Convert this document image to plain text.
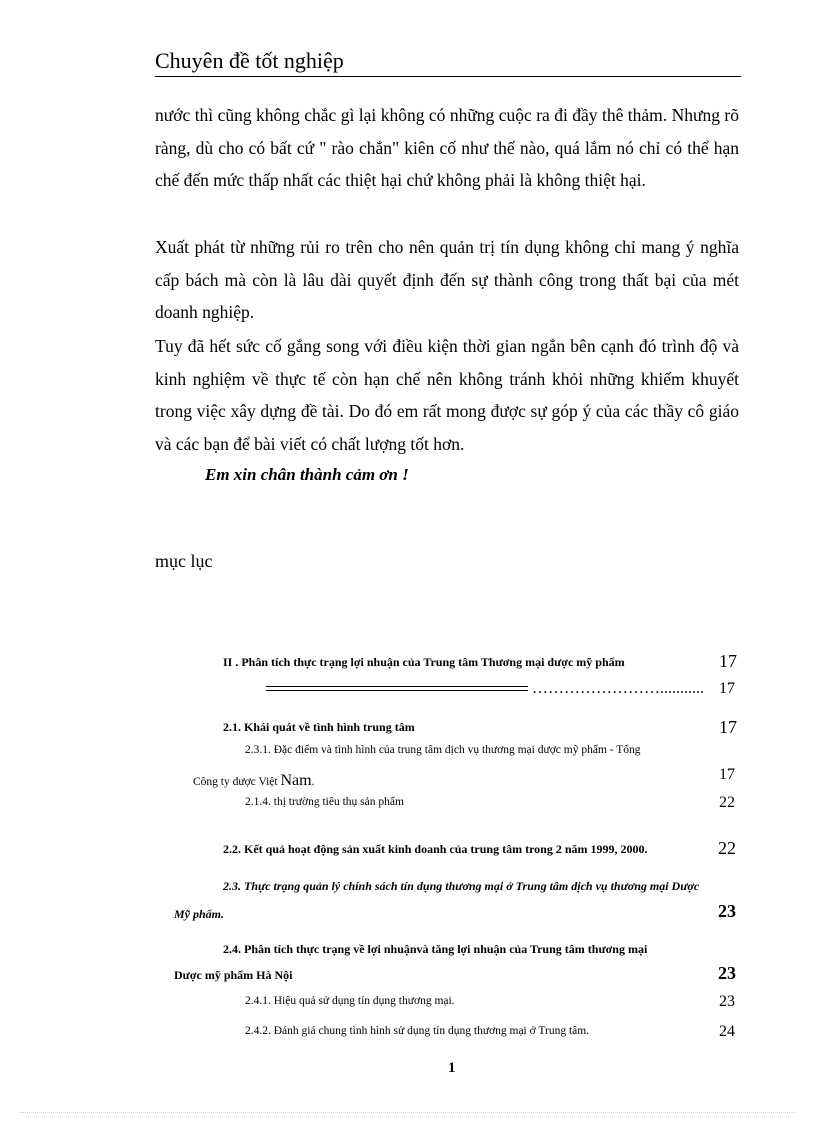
Chuyên đề tốt nghiệp
nước thì cũng không chắc gì lại không có những cuộc ra đi đầy thê thảm. Nhưng rõ ràng, dù cho có bất cứ " rào chắn" kiên cố như thế nào, quá lắm nó chỉ có thể hạn chế đến mức thấp nhất các thiệt hại chứ không phải là không thiệt hại.
Xuất phát từ những rủi ro trên cho nên quản trị tín dụng không chỉ mang ý nghĩa cấp bách mà còn là lâu dài quyết định đến sự thành công trong thất bại của mét doanh nghiệp.
Tuy đã hết sức cố gắng song với điều kiện thời gian ngắn bên cạnh đó trình độ và kinh nghiệm về thực tế còn hạn chế nên không tránh khỏi những khiếm khuyết trong việc xây dựng đề tài. Do đó em rất mong được sự góp ý của các thầy cô giáo và các bạn để bài viết có chất lượng tốt hơn.
Em xin chân thành cảm ơn !
mục lục
II . Phân tích thực trạng lợi nhuận của Trung tâm Thương mại dược mỹ phẩm	17
……………………........... 17
2.1. Khái quát về tình hình trung tâm	17
2.3.1. Đặc điểm và tình hình của trung tâm dịch vụ thương mại dược mỹ phẩm - Tổng
Công ty dược Việt Nam.	17
2.1.4. thị trường tiêu thụ sản phẩm	22
2.2. Kết quả hoạt động sản xuất kinh doanh của trung tâm trong 2 năm 1999, 2000.	22
2.3. Thực trạng quản lý chính sách tín dụng thương mại ở Trung tâm dịch vụ thương mại Dược
Mỹ phẩm.	23
2.4. Phân tích thực trạng về lợi nhuậnvà tăng lợi nhuận của Trung tâm thương mại
Dược mỹ phẩm Hà Nội	23
2.4.1. Hiệu quả sử dụng tín dụng thương mại.	23
2.4.2. Đánh giá chung tình hình sử dụng tín dụng thương mại ở Trung tâm.	24
1
